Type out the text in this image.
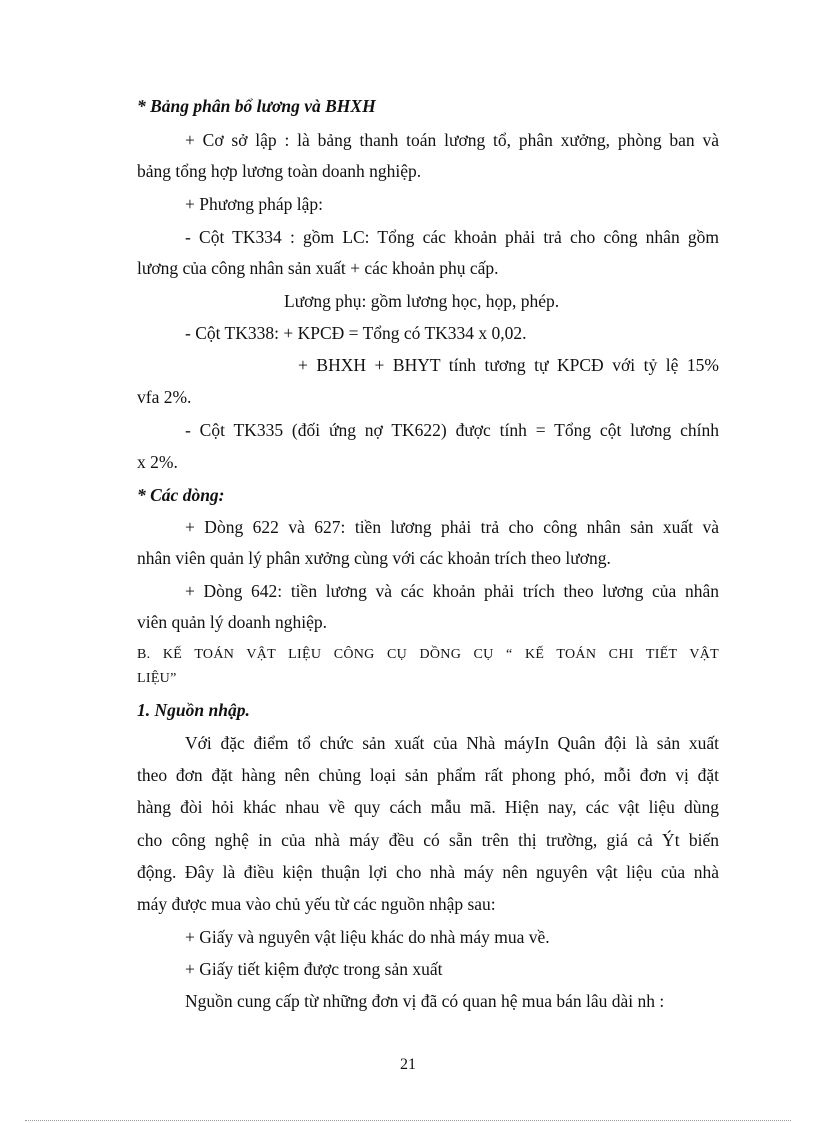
* Bảng phân bổ lương và BHXH
+ Cơ sở lập : là bảng thanh toán lương tổ, phân xưởng, phòng ban và
bảng tổng hợp lương toàn doanh nghiệp.
+ Phương pháp lập:
- Cột TK334 : gồm LC: Tổng các khoản phải trả cho công nhân gồm
lương của công nhân sản xuất + các khoản phụ cấp.
Lương phụ: gồm lương học, họp, phép.
- Cột TK338: + KPCĐ = Tổng có TK334 x 0,02.
+ BHXH + BHYT tính tương tự KPCĐ với tỷ lệ 15%
vfa 2%.
- Cột TK335 (đối ứng nợ TK622) được tính = Tổng cột lương chính
x 2%.
* Các dòng:
+ Dòng 622 và 627: tiền lương phải trả cho công nhân sản xuất và
nhân viên quản lý phân xưởng cùng với các khoản trích theo lương.
+ Dòng 642: tiền lương và các khoản phải trích theo lương của nhân
viên quản lý doanh nghiệp.
B. KẾ TOÁN VẬT LIỆU CÔNG CỤ DỒNG CỤ “ KẾ TOÁN CHI TIẾT VẬT
LIỆU”
1. Nguồn nhập.
Với đặc điểm tổ chức sản xuất của Nhà máyIn Quân đội là sản xuất
theo đơn đặt hàng nên chủng loại sản phẩm rất phong phó, mỗi đơn vị đặt
hàng đòi hỏi khác nhau về quy cách mẫu mã. Hiện nay, các vật liệu dùng
cho công nghệ in của nhà máy đều có sẵn trên thị trường, giá cả Ýt biến
động. Đây là điều kiện thuận lợi cho nhà máy nên nguyên vật liệu của nhà
máy được mua vào chủ yếu từ các nguồn nhập sau:
+ Giấy và nguyên vật liệu khác do nhà máy mua về.
+ Giấy tiết kiệm được trong sản xuất
Nguồn cung cấp từ những đơn vị đã có quan hệ mua bán lâu dài nh :
21
